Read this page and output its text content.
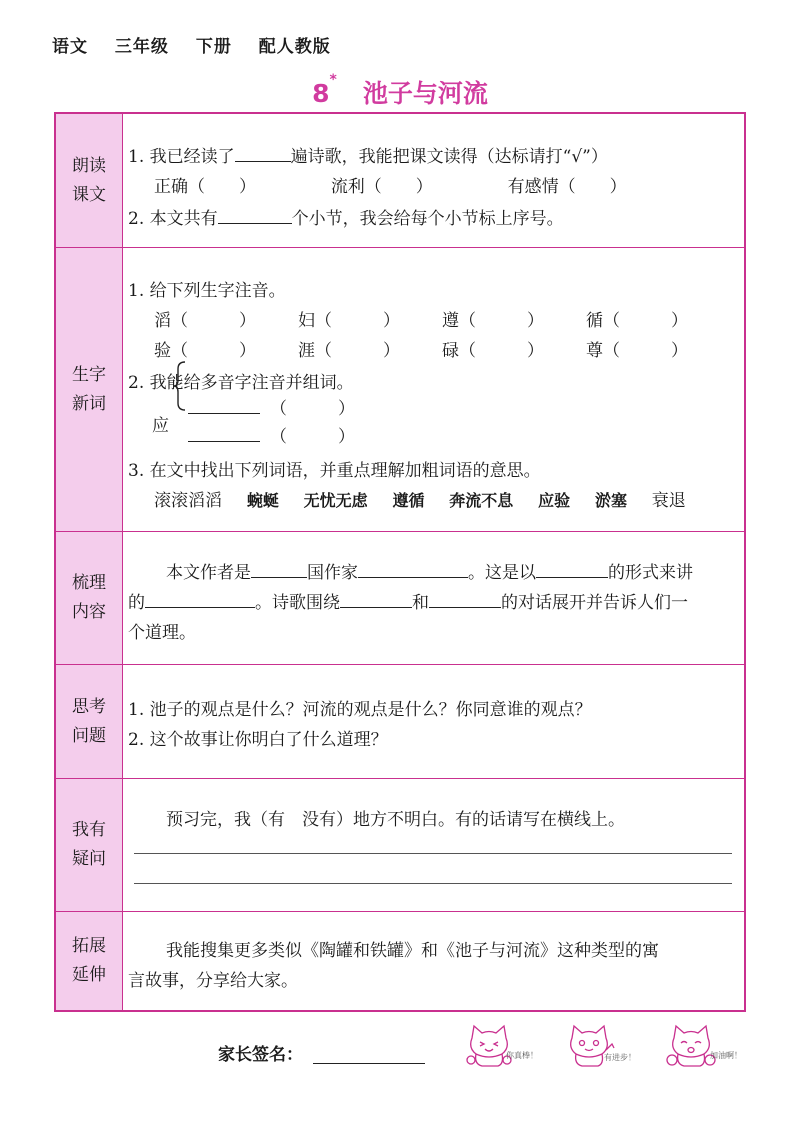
语文 三年级 下册 配人教版
8* 池子与河流
朗读
课文
1. 我已经读了	遍诗歌，我能把课文读得（达标请打“√”）
正确（　　）	流利（　　）	有感情（　　）
2. 本文共有	个小节，我会给每个小节标上序号。
生字
新词
1. 给下列生字注音。
滔（　　　） 妇（　　　） 遵（　　　） 循（　　　）
验（　　　） 涯（　　　） 碌（　　　） 尊（　　　）
2. 我能给多音字注音并组词。
应
（　　　）
（　　　）
3. 在文中找出下列词语，并重点理解加粗词语的意思。
滚滚滔滔 蜿蜒 无忧无虑 遵循 奔流不息 应验 淤塞 衰退
梳理
内容
本文作者是	国作家	。这是以	的形式来讲
的	。诗歌围绕	和	的对话展开并告诉人们一
个道理。
思考
问题
1. 池子的观点是什么？河流的观点是什么？你同意谁的观点？
2. 这个故事让你明白了什么道理？
我有
疑问
预习完，我（有　没有）地方不明白。有的话请写在横线上。
拓展
延伸
我能搜集更多类似《陶罐和铁罐》和《池子与河流》这种类型的寓
言故事，分享给大家。
家长签名：	你真棒！	有进步！	加油啊！
